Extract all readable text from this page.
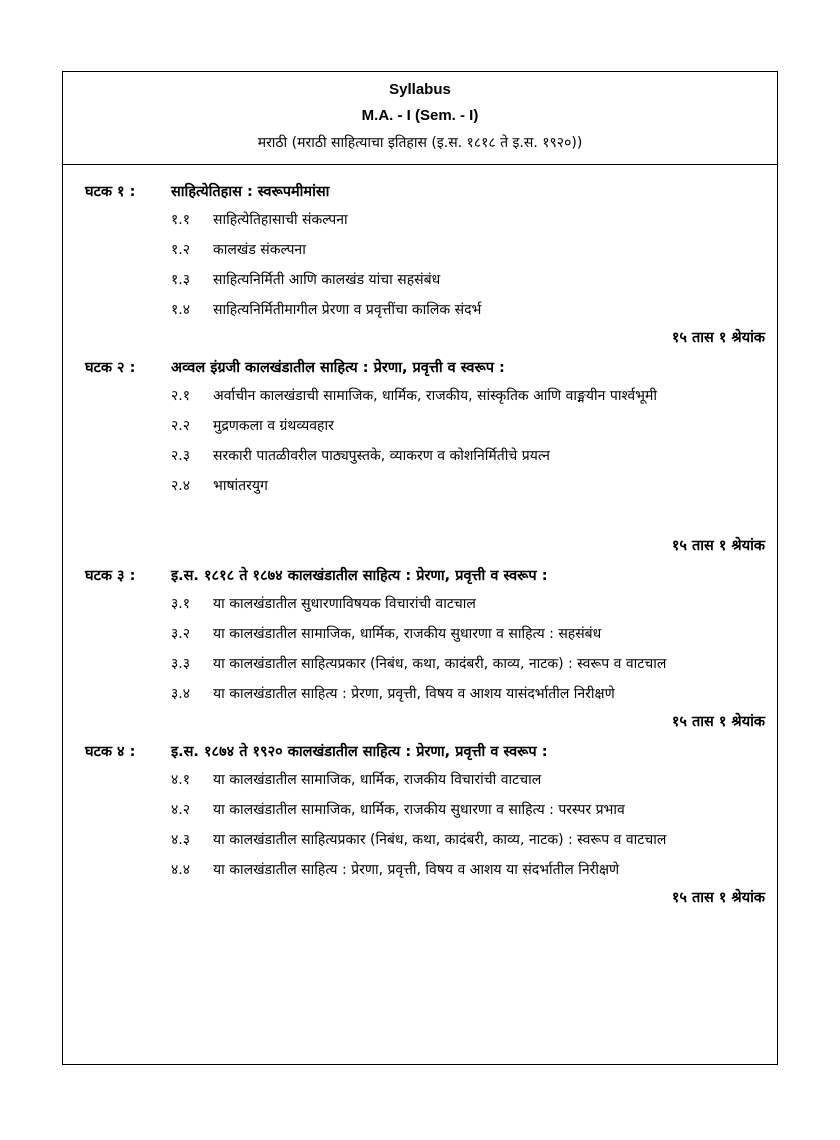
Syllabus
M.A. - I (Sem. - I)
मराठी (मराठी साहित्याचा इतिहास (इ.स. १८१८ ते इ.स. १९२०))
घटक १ :	साहित्येतिहास : स्वरूपमीमांसा
१.१	साहित्येतिहासाची संकल्पना
१.२	कालखंड संकल्पना
१.३	साहित्यनिर्मिती आणि कालखंड यांचा सहसंबंध
१.४	साहित्यनिर्मितीमागील प्रेरणा व प्रवृत्तींचा कालिक संदर्भ
१५ तास १ श्रेयांक
घटक २ :	अव्वल इंग्रजी कालखंडातील साहित्य : प्रेरणा, प्रवृत्ती व स्वरूप :
२.१	अर्वाचीन कालखंडाची सामाजिक, धार्मिक, राजकीय, सांस्कृतिक आणि वाङ्मयीन पार्श्वभूमी
२.२	मुद्रणकला व ग्रंथव्यवहार
२.३	सरकारी पातळीवरील पाठ्यपुस्तके, व्याकरण व कोशनिर्मितीचे प्रयत्न
२.४	भाषांतरयुग
१५ तास १ श्रेयांक
घटक ३ :	इ.स. १८१८ ते १८७४ कालखंडातील साहित्य : प्रेरणा, प्रवृत्ती व स्वरूप :
३.१	या कालखंडातील सुधारणाविषयक विचारांची वाटचाल
३.२	या कालखंडातील सामाजिक, धार्मिक, राजकीय सुधारणा व साहित्य : सहसंबंध
३.३	या कालखंडातील साहित्यप्रकार (निबंध, कथा, कादंबरी, काव्य, नाटक) : स्वरूप व वाटचाल
३.४	या कालखंडातील साहित्य : प्रेरणा, प्रवृत्ती, विषय व आशय यासंदर्भातील निरीक्षणे
१५ तास १ श्रेयांक
घटक ४ :	इ.स. १८७४ ते १९२० कालखंडातील साहित्य : प्रेरणा, प्रवृत्ती व स्वरूप :
४.१	या कालखंडातील सामाजिक, धार्मिक, राजकीय विचारांची वाटचाल
४.२	या कालखंडातील सामाजिक, धार्मिक, राजकीय सुधारणा व साहित्य : परस्पर प्रभाव
४.३	या कालखंडातील साहित्यप्रकार (निबंध, कथा, कादंबरी, काव्य, नाटक) : स्वरूप व वाटचाल
४.४	या कालखंडातील साहित्य : प्रेरणा, प्रवृत्ती, विषय व आशय या संदर्भातील निरीक्षणे
१५ तास १ श्रेयांक
